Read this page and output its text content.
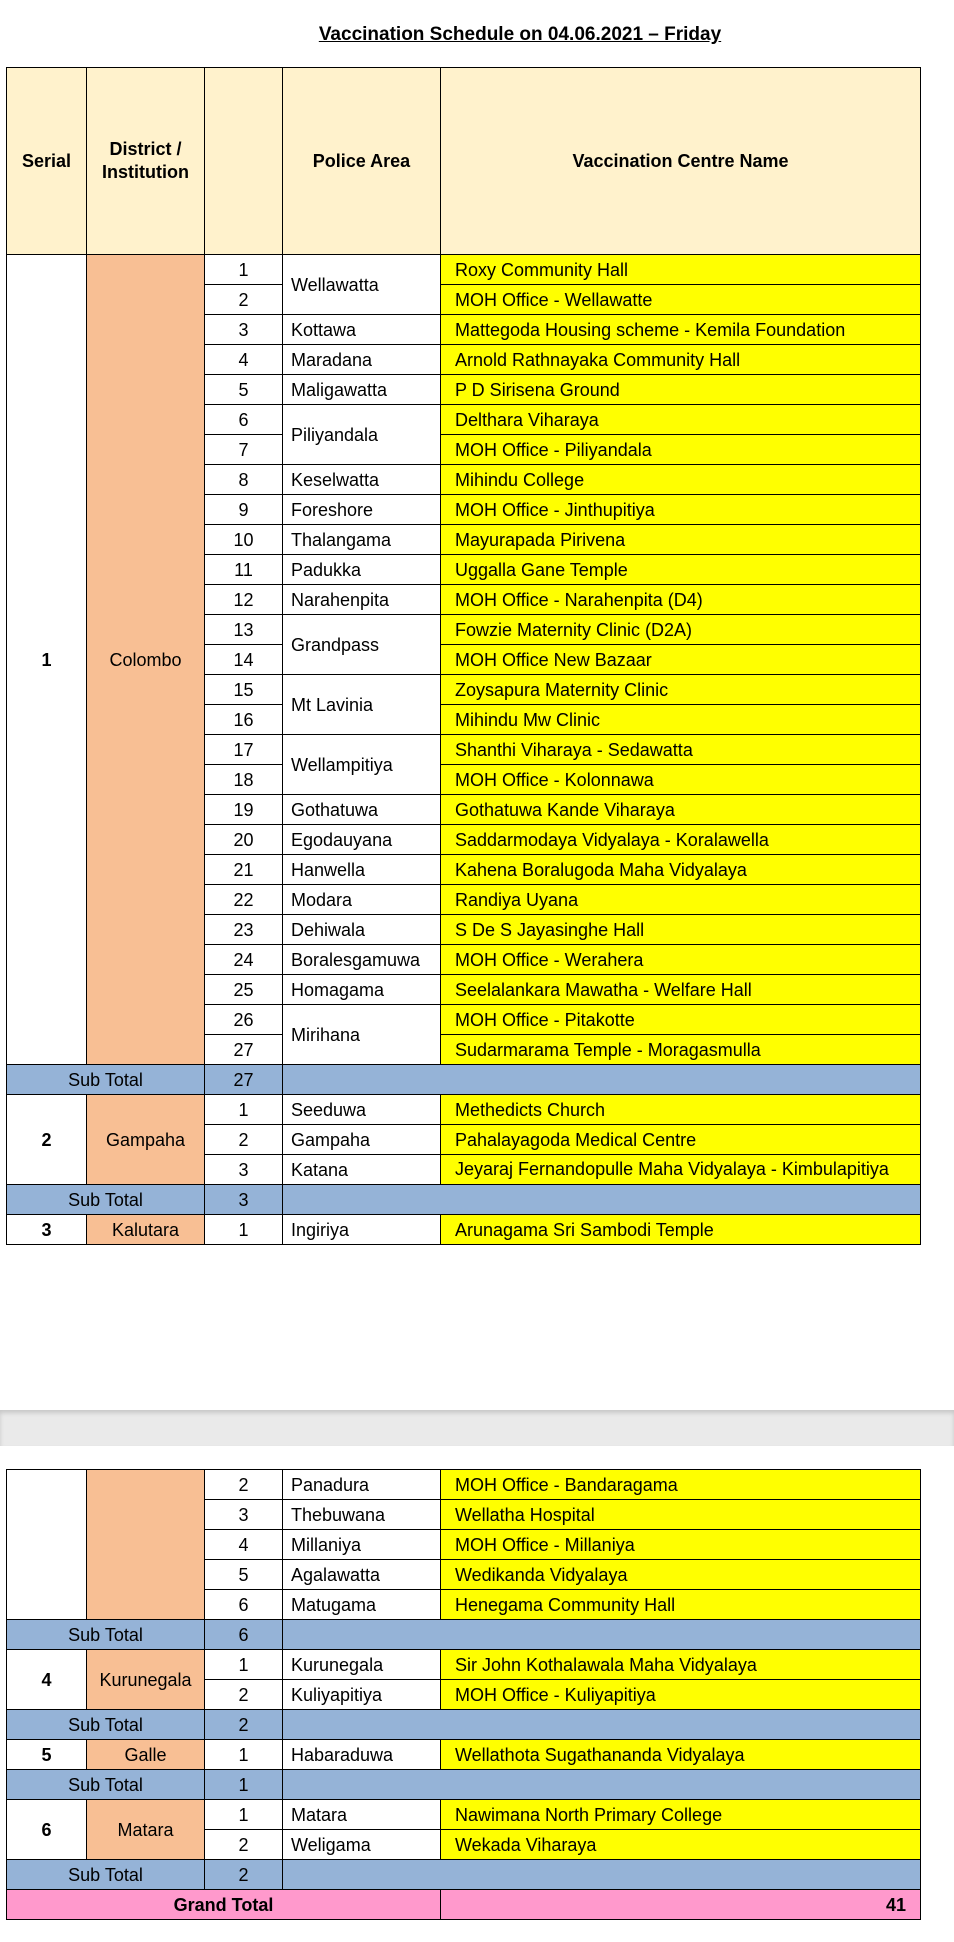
Vaccination Schedule on 04.06.2021 – Friday
Serial	District / Institution		Police Area	Vaccination Centre Name
1	Colombo	1	Wellawatta	Roxy Community Hall
		2		MOH Office - Wellawatte
		3	Kottawa	Mattegoda Housing scheme - Kemila Foundation
		4	Maradana	Arnold Rathnayaka Community Hall
		5	Maligawatta	P D Sirisena Ground
		6	Piliyandala	Delthara Viharaya
		7		MOH Office - Piliyandala
		8	Keselwatta	Mihindu College
		9	Foreshore	MOH Office - Jinthupitiya
		10	Thalangama	Mayurapada Pirivena
		11	Padukka	Uggalla Gane Temple
		12	Narahenpita	MOH Office - Narahenpita (D4)
		13	Grandpass	Fowzie Maternity Clinic (D2A)
		14		MOH Office New Bazaar
		15	Mt Lavinia	Zoysapura Maternity Clinic
		16		Mihindu Mw Clinic
		17	Wellampitiya	Shanthi Viharaya - Sedawatta
		18		MOH Office - Kolonnawa
		19	Gothatuwa	Gothatuwa Kande Viharaya
		20	Egodauyana	Saddarmodaya Vidyalaya - Koralawella
		21	Hanwella	Kahena Boralugoda Maha Vidyalaya
		22	Modara	Randiya Uyana
		23	Dehiwala	S De S Jayasinghe Hall
		24	Boralesgamuwa	MOH Office - Werahera
		25	Homagama	Seelalankara Mawatha - Welfare Hall
		26	Mirihana	MOH Office - Pitakotte
		27		Sudarmarama Temple - Moragasmulla
Sub Total		27		
2	Gampaha	1	Seeduwa	Methedicts Church
		2	Gampaha	Pahalayagoda Medical Centre
		3	Katana	Jeyaraj Fernandopulle Maha Vidyalaya - Kimbulapitiya
Sub Total		3		
3	Kalutara	1	Ingiriya	Arunagama Sri Sambodi Temple
		2	Panadura	MOH Office - Bandaragama
		3	Thebuwana	Wellatha Hospital
		4	Millaniya	MOH Office - Millaniya
		5	Agalawatta	Wedikanda Vidyalaya
		6	Matugama	Henegama Community Hall
Sub Total		6		
4	Kurunegala	1	Kurunegala	Sir John Kothalawala Maha Vidyalaya
		2	Kuliyapitiya	MOH Office - Kuliyapitiya
Sub Total		2		
5	Galle	1	Habaraduwa	Wellathota Sugathananda Vidyalaya
Sub Total		1		
6	Matara	1	Matara	Nawimana North Primary College
		2	Weligama	Wekada Viharaya
Sub Total		2		
Grand Total				41
